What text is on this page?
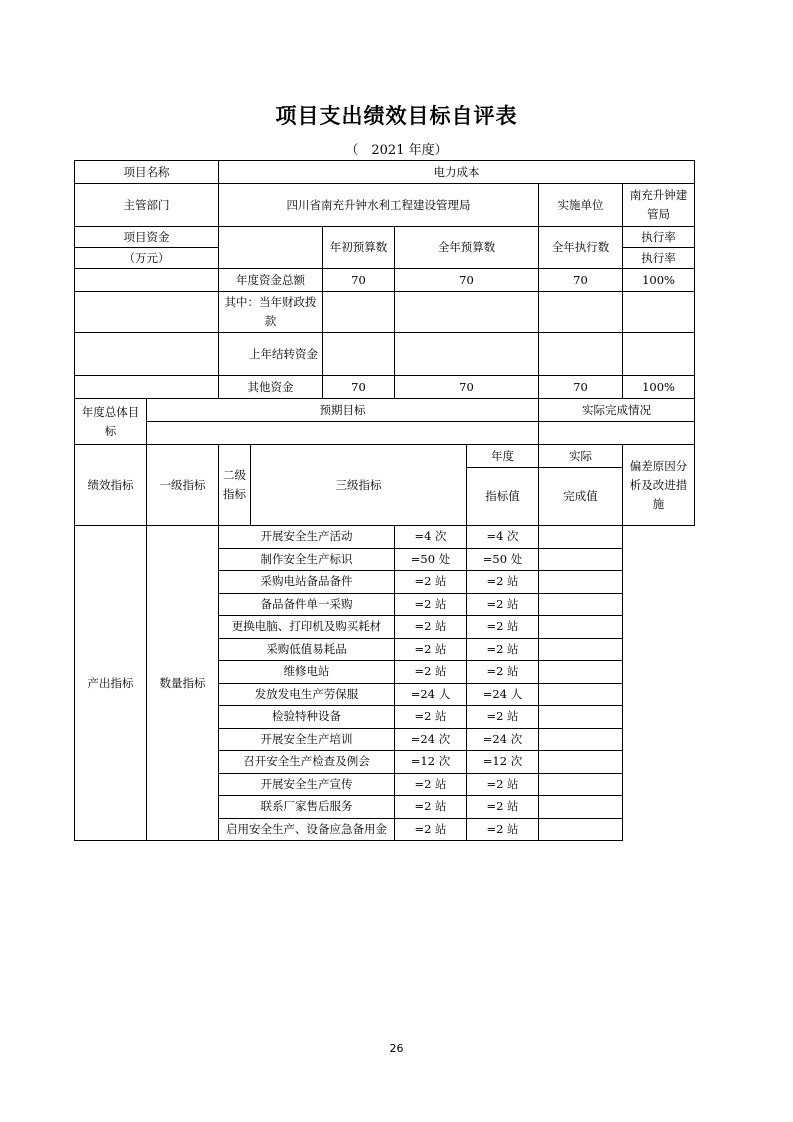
项目支出绩效目标自评表
（　2021 年度）
项目名称		电力成本						
主管部门		四川省南充升钟水利工程建设管理局					实施单位	南充升钟建管局
项目资金				年初预算数	全年预算数		全年执行数	执行率
（万元）								执行率
		年度资金总额		70	70		70	100%
		其中：当年财政拨款						
		上年结转资金						
		其他资金		70	70		70	100%
年度总体目标	预期目标						实际完成情况	

绩效指标	一级指标	二级指标	三级指标			年度	实际	偏差原因分析及改进措施
						指标值	完成值	
产出指标	数量指标	开展安全生产活动			=4 次	=4 次		
		制作安全生产标识			=50 处	=50 处		
		采购电站备品备件			=2 站	=2 站		
		备品备件单一采购			=2 站	=2 站		
		更换电脑、打印机及购买耗材			=2 站	=2 站		
		采购低值易耗品			=2 站	=2 站		
		维修电站			=2 站	=2 站		
		发放发电生产劳保服			=24 人	=24 人		
		检验特种设备			=2 站	=2 站		
		开展安全生产培训			=24 次	=24 次		
		召开安全生产检查及例会			=12 次	=12 次		
		开展安全生产宣传			=2 站	=2 站		
		联系厂家售后服务			=2 站	=2 站		
		启用安全生产、设备应急备用金			=2 站	=2 站		
26
